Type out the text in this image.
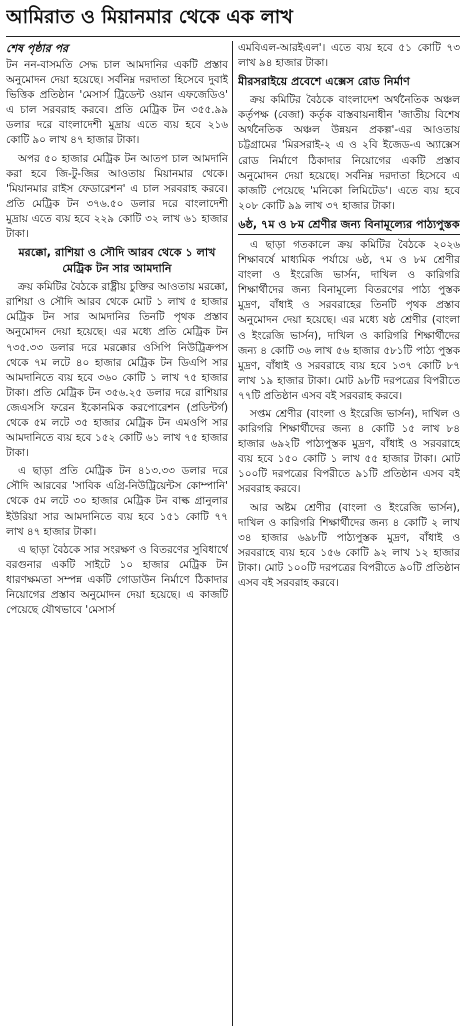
আমিরাত ও মিয়ানমার থেকে এক লাখ

শেষ পৃষ্ঠার পর

টন নন-বাসমতি সেদ্ধ চাল আমদানির একটি প্রস্তাব অনুমোদন দেয়া হয়েছে। সর্বনিম্ন দরদাতা হিসেবে দুবাই ভিত্তিক প্রতিষ্ঠান 'মেসার্স ট্রিডেন্ট ওয়ান এফজেডিও' এ চাল সরবরাহ করবে। প্রতি মেট্রিক টন ৩৫৫.৯৯ ডলার দরে বাংলাদেশী মুদ্রায় এতে ব্যয় হবে ২১৬ কোটি ৯০ লাখ ৪৭ হাজার টাকা।

অপর ৫০ হাজার মেট্রিক টন আতপ চাল আমদানি করা হবে জি-টু-জির আওতায় মিয়ানমার থেকে। 'মিয়ানমার রাইস ফেডারেশন' এ চাল সরবরাহ করবে। প্রতি মেট্রিক টন ৩৭৬.৫০ ডলার দরে বাংলাদেশী মুদ্রায় এতে ব্যয় হবে ২২৯ কোটি ৩২ লাখ ৬১ হাজার টাকা।

মরক্কো, রাশিয়া ও সৌদি আরব থেকে ১ লাখ মেট্রিক টন সার আমদানি

ক্রয় কমিটির বৈঠকে রাষ্ট্রীয় চুক্তির আওতায় মরক্কো, রাশিয়া ও সৌদি আরব থেকে মোট ১ লাখ ৫ হাজার মেট্রিক টন সার আমদানির তিনটি পৃথক প্রস্তাব অনুমোদন দেয়া হয়েছে। এর মধ্যে প্রতি মেট্রিক টন ৭৩৫.৩৩ ডলার দরে মরক্কোর ওসিপি নিউট্রিক্রপস থেকে ৭ম লটে ৪০ হাজার মেট্রিক টন ডিএপি সার আমদানিতে ব্যয় হবে ৩৬০ কোটি ১ লাখ ৭৫ হাজার টাকা। প্রতি মেট্রিক টন ৩৫৬.২৫ ডলার দরে রাশিয়ার জেএসসি ফরেন ইকোনমিক করপোরেশন (প্রডিন্টর্গ) থেকে ৫ম লটে ৩৫ হাজার মেট্রিক টন এমওপি সার আমদানিতে ব্যয় হবে ১৫২ কোটি ৬১ লাখ ৭৫ হাজার টাকা।

এ ছাড়া প্রতি মেট্রিক টন ৪১৩.৩৩ ডলার দরে সৌদি আরবের 'সাবিক এগ্রি-নিউট্রিয়েন্টস কোম্পানি' থেকে ৫ম লটে ৩০ হাজার মেট্রিক টন বাল্ক গ্রানুলার ইউরিয়া সার আমদানিতে ব্যয় হবে ১৫১ কোটি ৭৭ লাখ ৪৭ হাজার টাকা।

এ ছাড়া বৈঠকে সার সংরক্ষণ ও বিতরণের সুবিধার্থে বরগুনার একটি সাইটে ১০ হাজার মেট্রিক টন ধারণক্ষমতা সম্পন্ন একটি গোডাউন নির্মাণে ঠিকাদার নিয়োগের প্রস্তাব অনুমোদন দেয়া হয়েছে। এ কাজটি পেয়েছে যৌথভাবে 'মেসার্স

এমবিএল-আরইএল'। এতে ব্যয় হবে ৫১ কোটি ৭৩ লাখ ৯৪ হাজার টাকা।

মীরসরাইয়ে প্রবেশে এক্সেস রোড নির্মাণ

ক্রয় কমিটির বৈঠকে বাংলাদেশ অর্থনৈতিক অঞ্চল কর্তৃপক্ষ (বেজা) কর্তৃক বাস্তবায়নাধীন 'জাতীয় বিশেষ অর্থনৈতিক অঞ্চল উন্নয়ন প্রকল্প'-এর আওতায় চট্টগ্রামের 'মিরসরাই-২ এ ও ২বি ইজেড-এ অ্যাক্সেস রোড নির্মাণে ঠিকাদার নিয়োগের একটি প্রস্তাব অনুমোদন দেয়া হয়েছে। সর্বনিম্ন দরদাতা হিসেবে এ কাজটি পেয়েছে 'মনিকো লিমিটেড'। এতে ব্যয় হবে ২০৮ কোটি ৯৯ লাখ ৩৭ হাজার টাকা।

৬ষ্ঠ, ৭ম ও ৮ম শ্রেণীর জন্য বিনামূল্যের পাঠ্যপুস্তক

এ ছাড়া গতকালে ক্রয় কমিটির বৈঠকে ২০২৬ শিক্ষাবর্ষে মাধ্যমিক পর্যায়ে ৬ষ্ঠ, ৭ম ও ৮ম শ্রেণীর বাংলা ও ইংরেজি ভার্সন, দাখিল ও কারিগরি শিক্ষার্থীদের জন্য বিনামূল্যে বিতরণের পাঠ্য পুস্তক মুদ্রণ, বাঁধাই ও সরবরাহের তিনটি পৃথক প্রস্তাব অনুমোদন দেয়া হয়েছে। এর মধ্যে ষষ্ঠ শ্রেণীর (বাংলা ও ইংরেজি ভার্সন), দাখিল ও কারিগরি শিক্ষার্থীদের জন্য ৪ কোটি ৩৬ লাখ ৫৬ হাজার ৫৮১টি পাঠ্য পুস্তক মুদ্রণ, বাঁধাই ও সরবরাহে ব্যয় হবে ১৩৭ কোটি ৮৭ লাখ ১৯ হাজার টাকা। মোট ৯৮টি দরপত্রের বিপরীতে ৭৭টি প্রতিষ্ঠান এসব বই সরবরাহ করবে।

সপ্তম শ্রেণীর (বাংলা ও ইংরেজি ভার্সন), দাখিল ও কারিগরি শিক্ষার্থীদের জন্য ৪ কোটি ১৫ লাখ ৮৪ হাজার ৬৯২টি পাঠ্যপুস্তক মুদ্রণ, বাঁধাই ও সরবরাহে ব্যয় হবে ১৫০ কোটি ১ লাখ ৫৫ হাজার টাকা। মোট ১০০টি দরপত্রের বিপরীতে ৯১টি প্রতিষ্ঠান এসব বই সরবরাহ করবে।

আর অষ্টম শ্রেণীর (বাংলা ও ইংরেজি ভার্সন), দাখিল ও কারিগরি শিক্ষার্থীদের জন্য ৪ কোটি ২ লাখ ৩৪ হাজার ৬৯৮টি পাঠ্যপুস্তক মুদ্রণ, বাঁধাই ও সরবরাহে ব্যয় হবে ১৫৬ কোটি ৯২ লাখ ১২ হাজার টাকা। মোট ১০০টি দরপত্রের বিপরীতে ৯০টি প্রতিষ্ঠান এসব বই সরবরাহ করবে।
